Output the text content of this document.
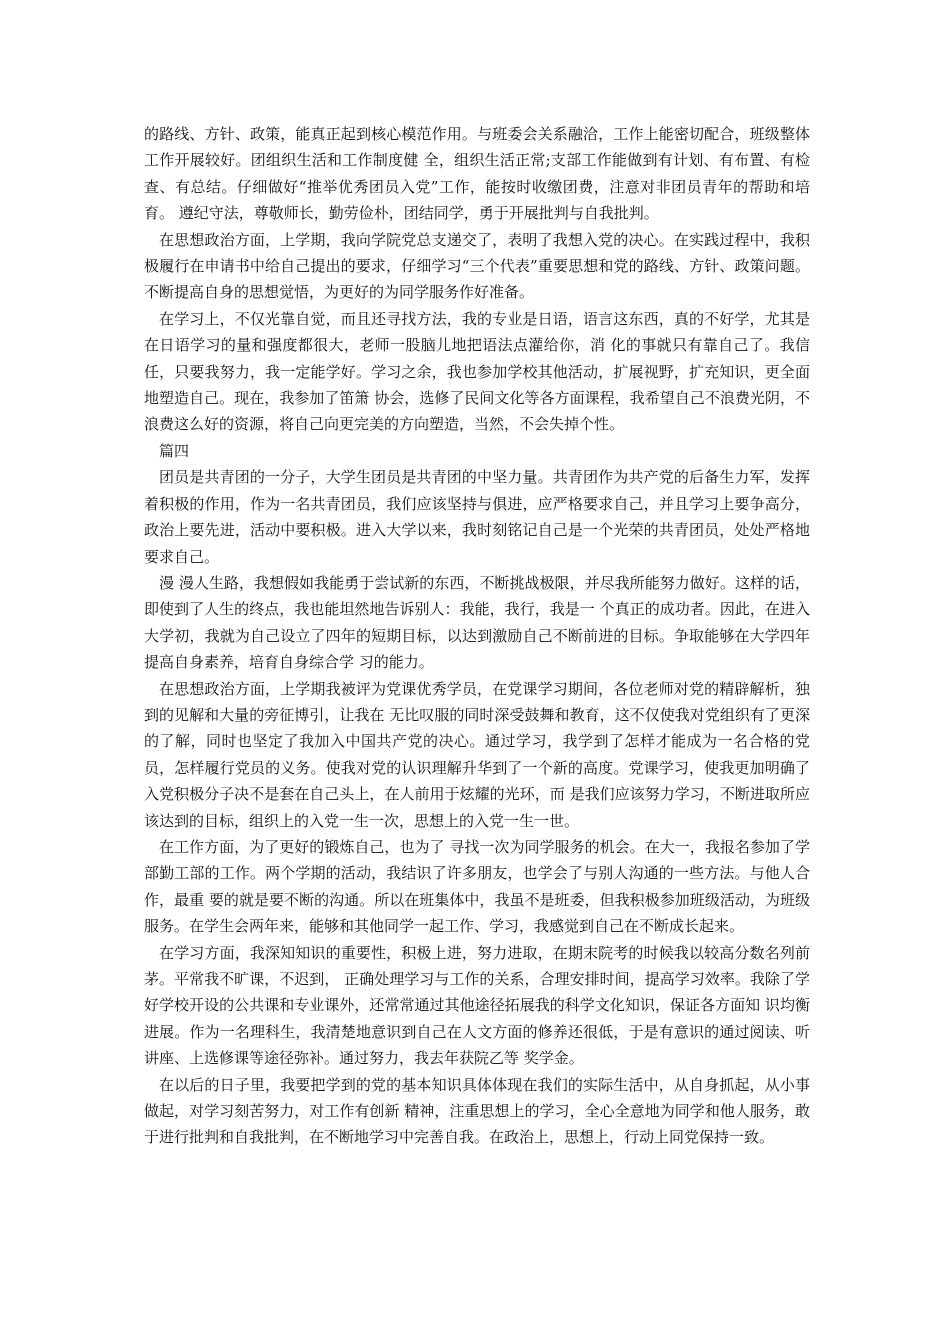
的路线、方针、政策，能真正起到核心模范作用。与班委会关系融洽，工作上能密切配合，班级整体工作开展较好。团组织生活和工作制度健 全，组织生活正常;支部工作能做到有计划、有布置、有检查、有总结。仔细做好“推举优秀团员入党”工作，能按时收缴团费，注意对非团员青年的帮助和培育。 遵纪守法，尊敬师长，勤劳俭朴，团结同学，勇于开展批判与自我批判。

在思想政治方面，上学期，我向学院党总支递交了，表明了我想入党的决心。在实践过程中，我积极履行在申请书中给自己提出的要求，仔细学习“三个代表”重要思想和党的路线、方针、政策问题。不断提高自身的思想觉悟，为更好的为同学服务作好准备。

在学习上，不仅光靠自觉，而且还寻找方法，我的专业是日语，语言这东西，真的不好学，尤其是在日语学习的量和强度都很大，老师一股脑儿地把语法点灌给你，消 化的事就只有靠自己了。我信任，只要我努力，我一定能学好。学习之余，我也参加学校其他活动，扩展视野，扩充知识，更全面地塑造自己。现在，我参加了笛箫 协会，选修了民间文化等各方面课程，我希望自己不浪费光阴，不浪费这么好的资源，将自己向更完美的方向塑造，当然，不会失掉个性。

篇四

团员是共青团的一分子，大学生团员是共青团的中坚力量。共青团作为共产党的后备生力军，发挥着积极的作用，作为一名共青团员，我们应该坚持与俱进，应严格要求自己，并且学习上要争高分，政治上要先进，活动中要积极。进入大学以来，我时刻铭记自己是一个光荣的共青团员，处处严格地要求自己。

漫 漫人生路，我想假如我能勇于尝试新的东西，不断挑战极限，并尽我所能努力做好。这样的话，即使到了人生的终点，我也能坦然地告诉别人：我能，我行，我是一 个真正的成功者。因此，在进入大学初，我就为自己设立了四年的短期目标，以达到激励自己不断前进的目标。争取能够在大学四年提高自身素养，培育自身综合学 习的能力。

在思想政治方面，上学期我被评为党课优秀学员，在党课学习期间，各位老师对党的精辟解析，独到的见解和大量的旁征博引，让我在 无比叹服的同时深受鼓舞和教育，这不仅使我对党组织有了更深的了解，同时也坚定了我加入中国共产党的决心。通过学习，我学到了怎样才能成为一名合格的党 员，怎样履行党员的义务。使我对党的认识理解升华到了一个新的高度。党课学习，使我更加明确了入党积极分子决不是套在自己头上，在人前用于炫耀的光环，而 是我们应该努力学习，不断进取所应该达到的目标，组织上的入党一生一次，思想上的入党一生一世。

在工作方面，为了更好的锻炼自己，也为了 寻找一次为同学服务的机会。在大一，我报名参加了学部勤工部的工作。两个学期的活动，我结识了许多朋友，也学会了与别人沟通的一些方法。与他人合作，最重 要的就是要不断的沟通。所以在班集体中，我虽不是班委，但我积极参加班级活动，为班级服务。在学生会两年来，能够和其他同学一起工作、学习，我感觉到自己在不断成长起来。

在学习方面，我深知知识的重要性，积极上进，努力进取，在期末院考的时候我以较高分数名列前茅。平常我不旷课，不迟到， 正确处理学习与工作的关系，合理安排时间，提高学习效率。我除了学好学校开设的公共课和专业课外，还常常通过其他途径拓展我的科学文化知识，保证各方面知 识均衡进展。作为一名理科生，我清楚地意识到自己在人文方面的修养还很低，于是有意识的通过阅读、听讲座、上选修课等途径弥补。通过努力，我去年获院乙等 奖学金。

在以后的日子里，我要把学到的党的基本知识具体体现在我们的实际生活中，从自身抓起，从小事做起，对学习刻苦努力，对工作有创新 精神，注重思想上的学习，全心全意地为同学和他人服务，敢于进行批判和自我批判，在不断地学习中完善自我。在政治上，思想上，行动上同党保持一致。
